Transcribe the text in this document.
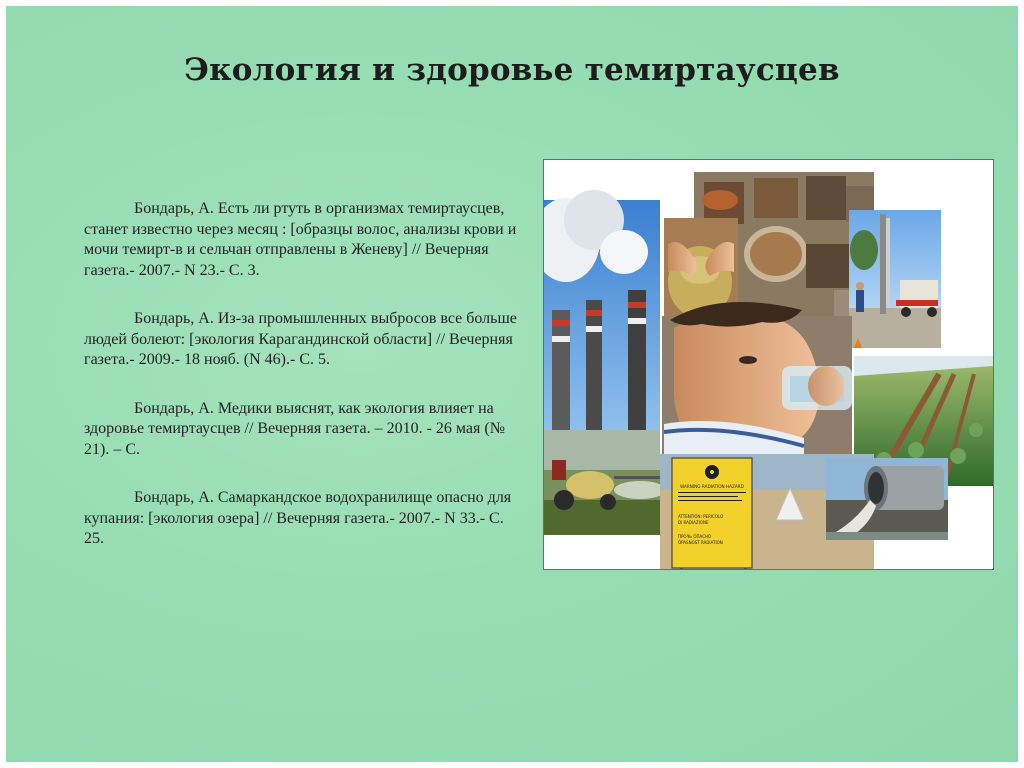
Экология и здоровье темиртаусцев

Бондарь, А. Есть ли ртуть в организмах темиртаусцев, станет известно через месяц : [образцы волос, анализы крови и мочи темирт-в и сельчан отправлены в Женеву] // Вечерняя газета.- 2007.- N 23.- С. 3.

Бондарь, А. Из-за промышленных выбросов все больше людей болеют: [экология Карагандинской области] // Вечерняя газета.- 2009.- 18 нояб. (N 46).- С. 5.

Бондарь, А. Медики выяснят, как экология влияет на здоровье темиртаусцев // Вечерняя газета. – 2010. - 26 мая (№ 21). – С.

Бондарь, А. Самаркандское водохранилище опасно для купания: [экология озера] // Вечерняя газета.- 2007.- N 33.- С. 25.

WARNING RADIATION HAZARD
ATTENTION: PERICOLO
DI RADIAZIONE
ПРОЧЬ ОПАСНО
OPASNOST RADIATION
